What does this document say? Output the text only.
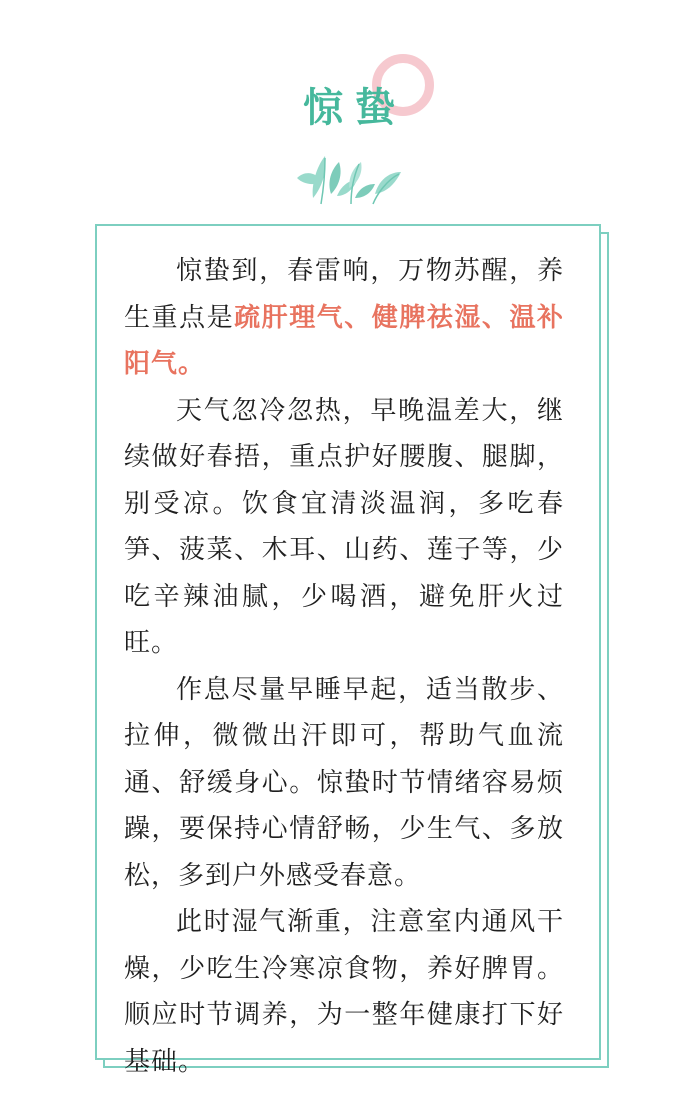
惊蛰

惊蛰到，春雷响，万物苏醒，养生重点是疏肝理气、健脾祛湿、温补阳气。

天气忽冷忽热，早晚温差大，继续做好春捂，重点护好腰腹、腿脚，别受凉。饮食宜清淡温润，多吃春笋、菠菜、木耳、山药、莲子等，少吃辛辣油腻，少喝酒，避免肝火过旺。

作息尽量早睡早起，适当散步、拉伸，微微出汗即可，帮助气血流通、舒缓身心。惊蛰时节情绪容易烦躁，要保持心情舒畅，少生气、多放松，多到户外感受春意。

此时湿气渐重，注意室内通风干燥，少吃生冷寒凉食物，养好脾胃。顺应时节调养，为一整年健康打下好基础。
